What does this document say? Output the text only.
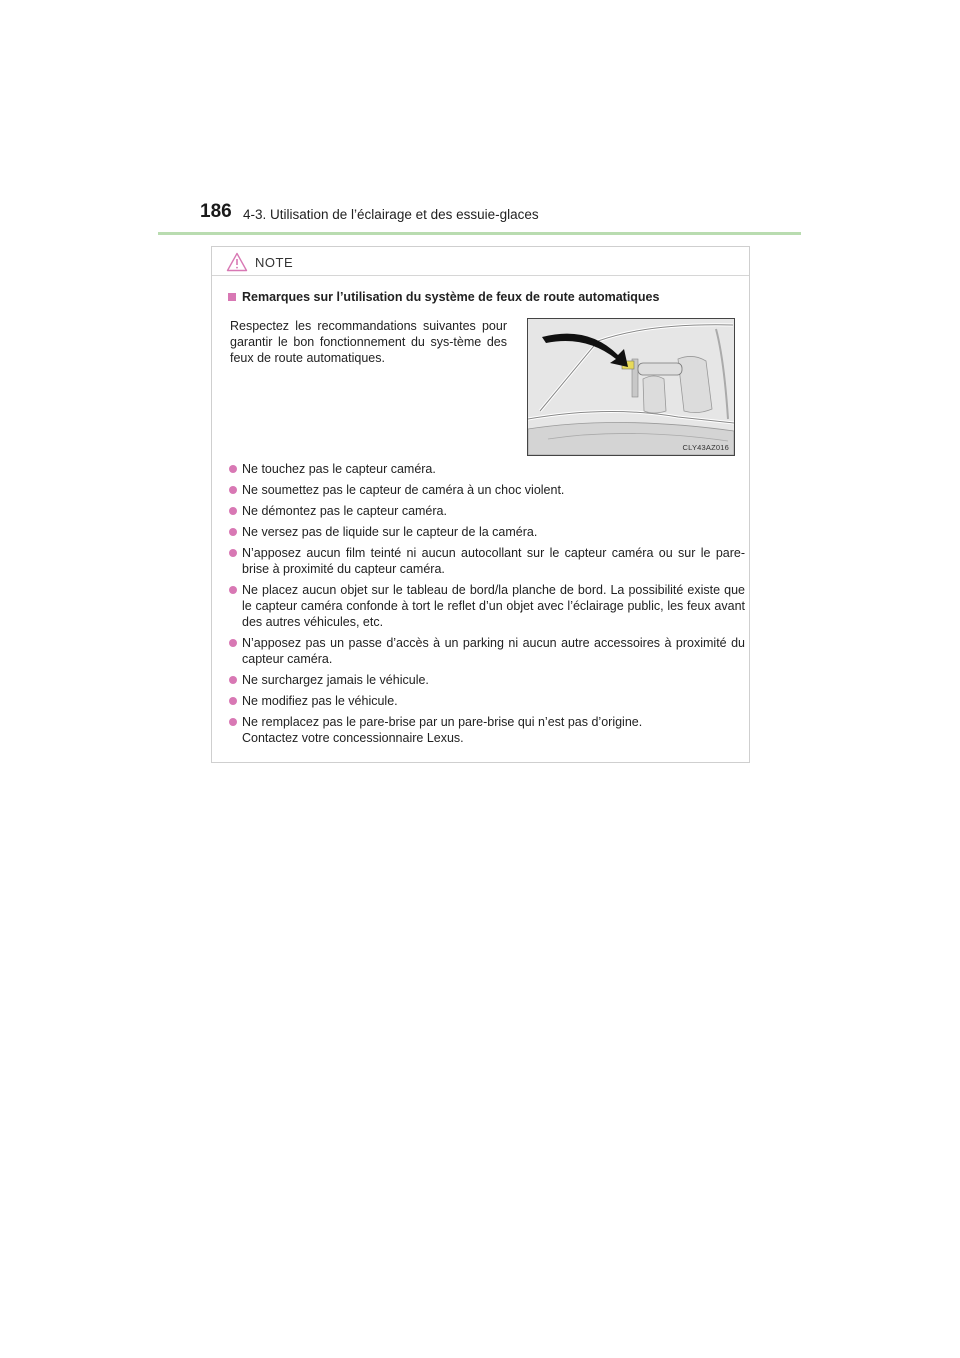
186 4-3. Utilisation de l’éclairage et des essuie-glaces
NOTE
Remarques sur l’utilisation du système de feux de route automatiques
Respectez les recommandations suivantes pour garantir le bon fonctionnement du sys-tème des feux de route automatiques.
CLY43AZ016
Ne touchez pas le capteur caméra.
Ne soumettez pas le capteur de caméra à un choc violent.
Ne démontez pas le capteur caméra.
Ne versez pas de liquide sur le capteur de la caméra.
N’apposez aucun film teinté ni aucun autocollant sur le capteur caméra ou sur le pare-brise à proximité du capteur caméra.
Ne placez aucun objet sur le tableau de bord/la planche de bord. La possibilité existe que le capteur caméra confonde à tort le reflet d’un objet avec l’éclairage public, les feux avant des autres véhicules, etc.
N’apposez pas un passe d’accès à un parking ni aucun autre accessoires à proximité du capteur caméra.
Ne surchargez jamais le véhicule.
Ne modifiez pas le véhicule.
Ne remplacez pas le pare-brise par un pare-brise qui n’est pas d’origine.
Contactez votre concessionnaire Lexus.
